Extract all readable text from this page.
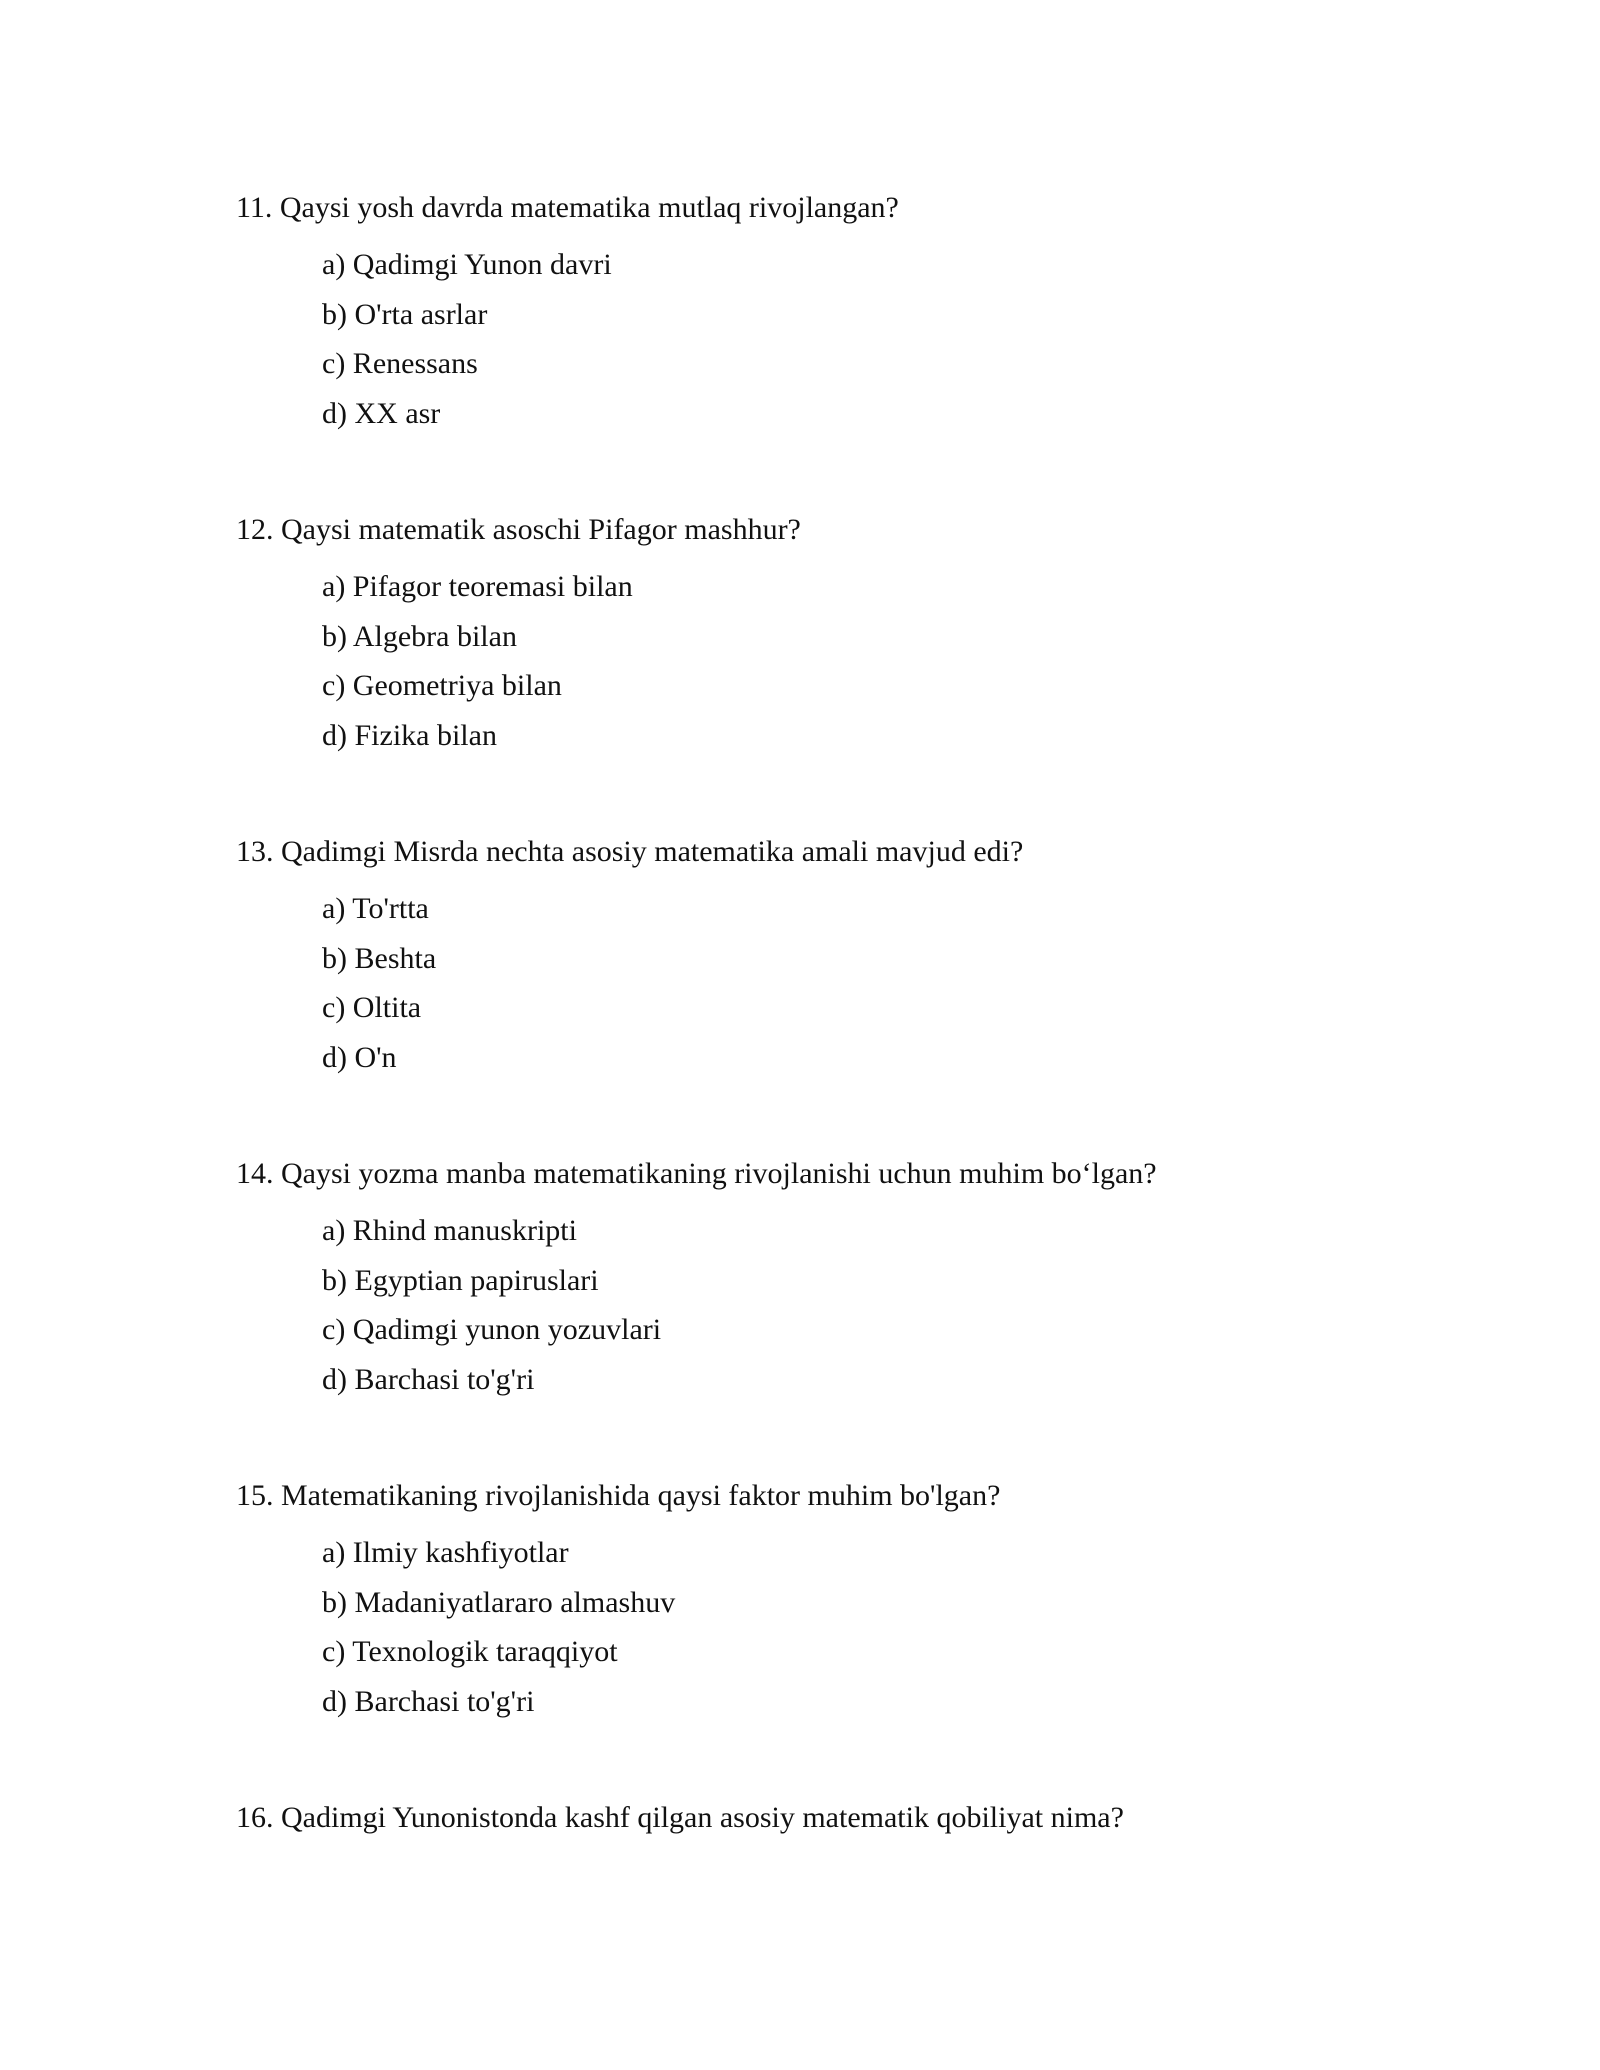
11. Qaysi yosh davrda matematika mutlaq rivojlangan?
a) Qadimgi Yunon davri
b) O'rta asrlar
c) Renessans
d) XX asr
12. Qaysi matematik asoschi Pifagor mashhur?
a) Pifagor teoremasi bilan
b) Algebra bilan
c) Geometriya bilan
d) Fizika bilan
13. Qadimgi Misrda nechta asosiy matematika amali mavjud edi?
a) To'rtta
b) Beshta
c) Oltita
d) O'n
14. Qaysi yozma manba matematikaning rivojlanishi uchun muhim bo‘lgan?
a) Rhind manuskripti
b) Egyptian papiruslari
c) Qadimgi yunon yozuvlari
d) Barchasi to'g'ri
15. Matematikaning rivojlanishida qaysi faktor muhim bo'lgan?
a) Ilmiy kashfiyotlar
b) Madaniyatlararo almashuv
c) Texnologik taraqqiyot
d) Barchasi to'g'ri
16. Qadimgi Yunonistonda kashf qilgan asosiy matematik qobiliyat nima?
